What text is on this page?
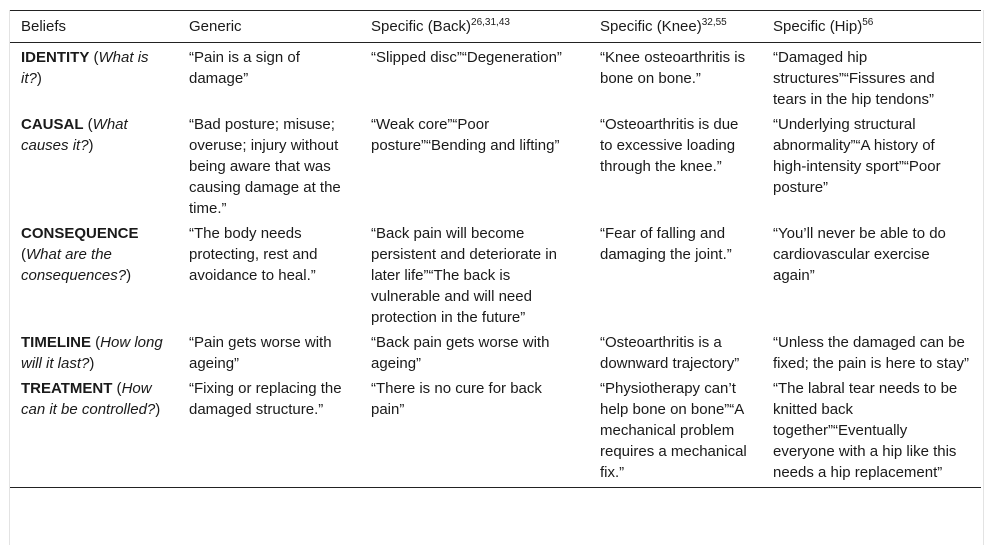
Beliefs	Generic	Specific (Back)$^{26,31,43}$	Specific (Knee)$^{32,55}$	Specific (Hip)$^{56}$
IDENTITY (What is it?)	“Pain is a sign of damage”	“Slipped disc”“Degeneration”	“Knee osteoarthritis is bone on bone.”	“Damaged hip structures”“Fissures and tears in the hip tendons”
CAUSAL (What causes it?)	“Bad posture; misuse; overuse; injury without being aware that was causing damage at the time.”	“Weak core”“Poor posture”“Bending and lifting”	“Osteoarthritis is due to excessive loading through the knee.”	“Underlying structural abnormality”“A history of high-intensity sport”“Poor posture”
CONSEQUENCE (What are the consequences?)	“The body needs protecting, rest and avoidance to heal.”	“Back pain will become persistent and deteriorate in later life”“The back is vulnerable and will need protection in the future”	“Fear of falling and damaging the joint.”	“You’ll never be able to do cardiovascular exercise again”
TIMELINE (How long will it last?)	“Pain gets worse with ageing”	“Back pain gets worse with ageing”	“Osteoarthritis is a downward trajectory”	“Unless the damaged can be fixed; the pain is here to stay”
TREATMENT (How can it be controlled?)	“Fixing or replacing the damaged structure.”	“There is no cure for back pain”	“Physiotherapy can’t help bone on bone”“A mechanical problem requires a mechanical fix.”	“The labral tear needs to be knitted back together”“Eventually everyone with a hip like this needs a hip replacement”
